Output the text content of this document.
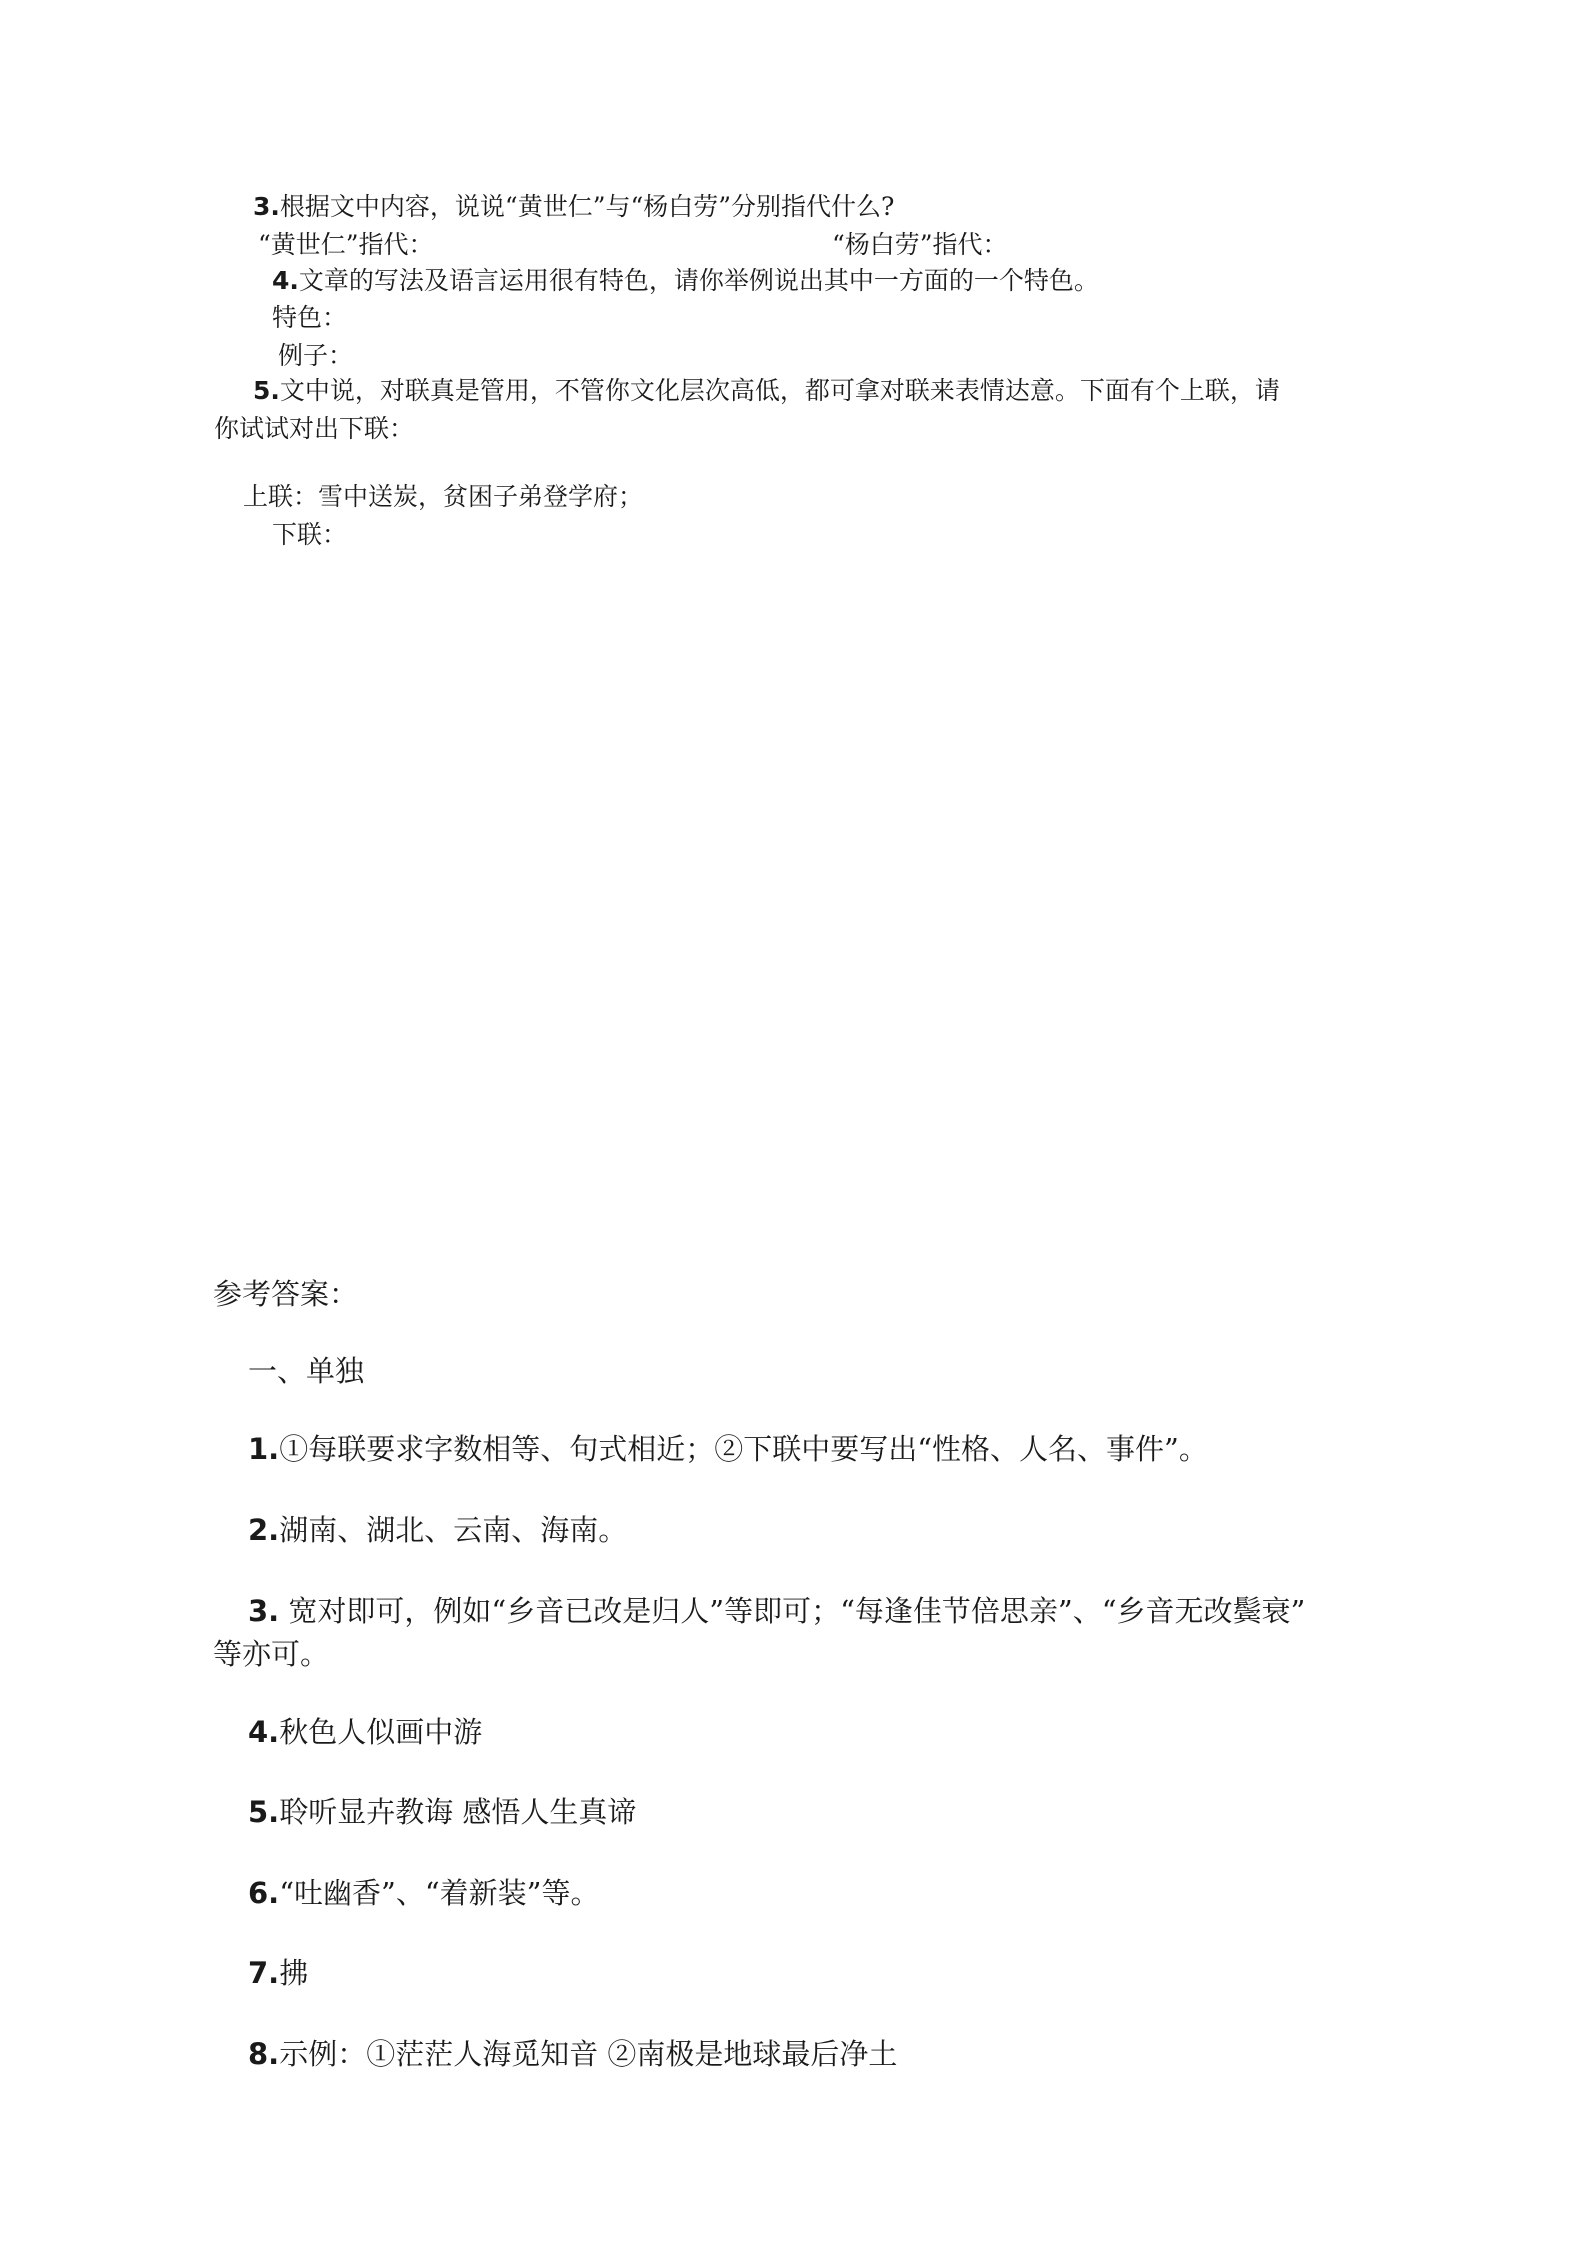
3.根据文中内容，说说“黄世仁”与“杨白劳”分别指代什么?
“黄世仁”指代：	“杨白劳”指代：
4.文章的写法及语言运用很有特色，请你举例说出其中一方面的一个特色。
特色：
例子：
5.文中说，对联真是管用，不管你文化层次高低，都可拿对联来表情达意。下面有个上联，请
你试试对出下联：
上联：雪中送炭，贫困子弟登学府；
下联：
参考答案：
一、单独
1.①每联要求字数相等、句式相近；②下联中要写出“性格、人名、事件”。
2.湖南、湖北、云南、海南。
3. 宽对即可，例如“乡音已改是归人”等即可；“每逢佳节倍思亲”、“乡音无改鬓衰”
等亦可。
4.秋色人似画中游
5.聆听显卉教诲 感悟人生真谛
6.“吐幽香”、“着新装”等。
7.拂
8.示例：①茫茫人海觅知音 ②南极是地球最后净土
